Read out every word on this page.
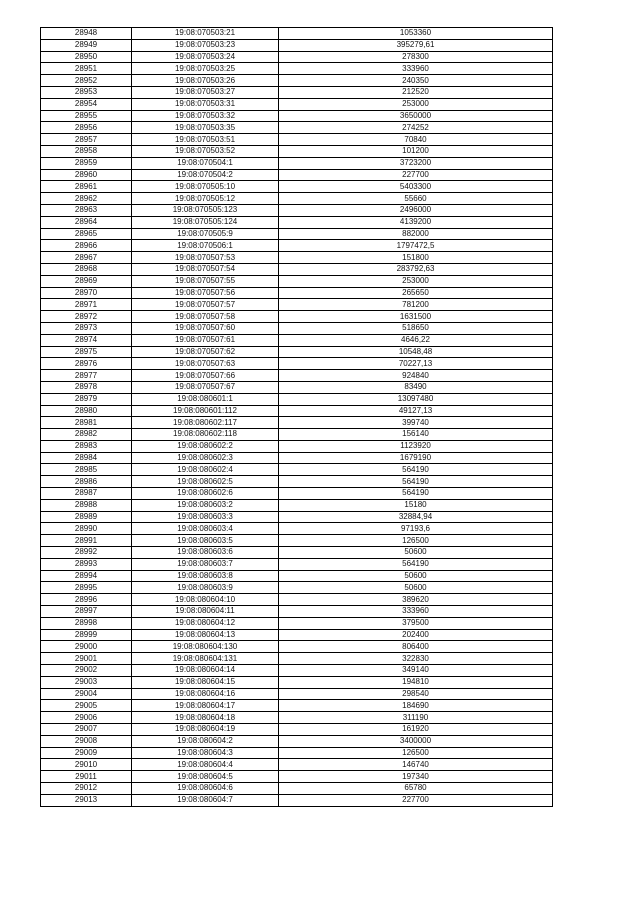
28948	19:08:070503:21	1053360
28949	19:08:070503:23	395279,61
28950	19:08:070503:24	278300
28951	19:08:070503:25	333960
28952	19:08:070503:26	240350
28953	19:08:070503:27	212520
28954	19:08:070503:31	253000
28955	19:08:070503:32	3650000
28956	19:08:070503:35	274252
28957	19:08:070503:51	70840
28958	19:08:070503:52	101200
28959	19:08:070504:1	3723200
28960	19:08:070504:2	227700
28961	19:08:070505:10	5403300
28962	19:08:070505:12	55660
28963	19:08:070505:123	2496000
28964	19:08:070505:124	4139200
28965	19:08:070505:9	882000
28966	19:08:070506:1	1797472,5
28967	19:08:070507:53	151800
28968	19:08:070507:54	283792,63
28969	19:08:070507:55	253000
28970	19:08:070507:56	265650
28971	19:08:070507:57	781200
28972	19:08:070507:58	1631500
28973	19:08:070507:60	518650
28974	19:08:070507:61	4646,22
28975	19:08:070507:62	10548,48
28976	19:08:070507:63	70227,13
28977	19:08:070507:66	924840
28978	19:08:070507:67	83490
28979	19:08:080601:1	13097480
28980	19:08:080601:112	49127,13
28981	19:08:080602:117	399740
28982	19:08:080602:118	156140
28983	19:08:080602:2	1123920
28984	19:08:080602:3	1679190
28985	19:08:080602:4	564190
28986	19:08:080602:5	564190
28987	19:08:080602:6	564190
28988	19:08:080603:2	15180
28989	19:08:080603:3	32884,94
28990	19:08:080603:4	97193,6
28991	19:08:080603:5	126500
28992	19:08:080603:6	50600
28993	19:08:080603:7	564190
28994	19:08:080603:8	50600
28995	19:08:080603:9	50600
28996	19:08:080604:10	389620
28997	19:08:080604:11	333960
28998	19:08:080604:12	379500
28999	19:08:080604:13	202400
29000	19:08:080604:130	806400
29001	19:08:080604:131	322830
29002	19:08:080604:14	349140
29003	19:08:080604:15	194810
29004	19:08:080604:16	298540
29005	19:08:080604:17	184690
29006	19:08:080604:18	311190
29007	19:08:080604:19	161920
29008	19:08:080604:2	3400000
29009	19:08:080604:3	126500
29010	19:08:080604:4	146740
29011	19:08:080604:5	197340
29012	19:08:080604:6	65780
29013	19:08:080604:7	227700
